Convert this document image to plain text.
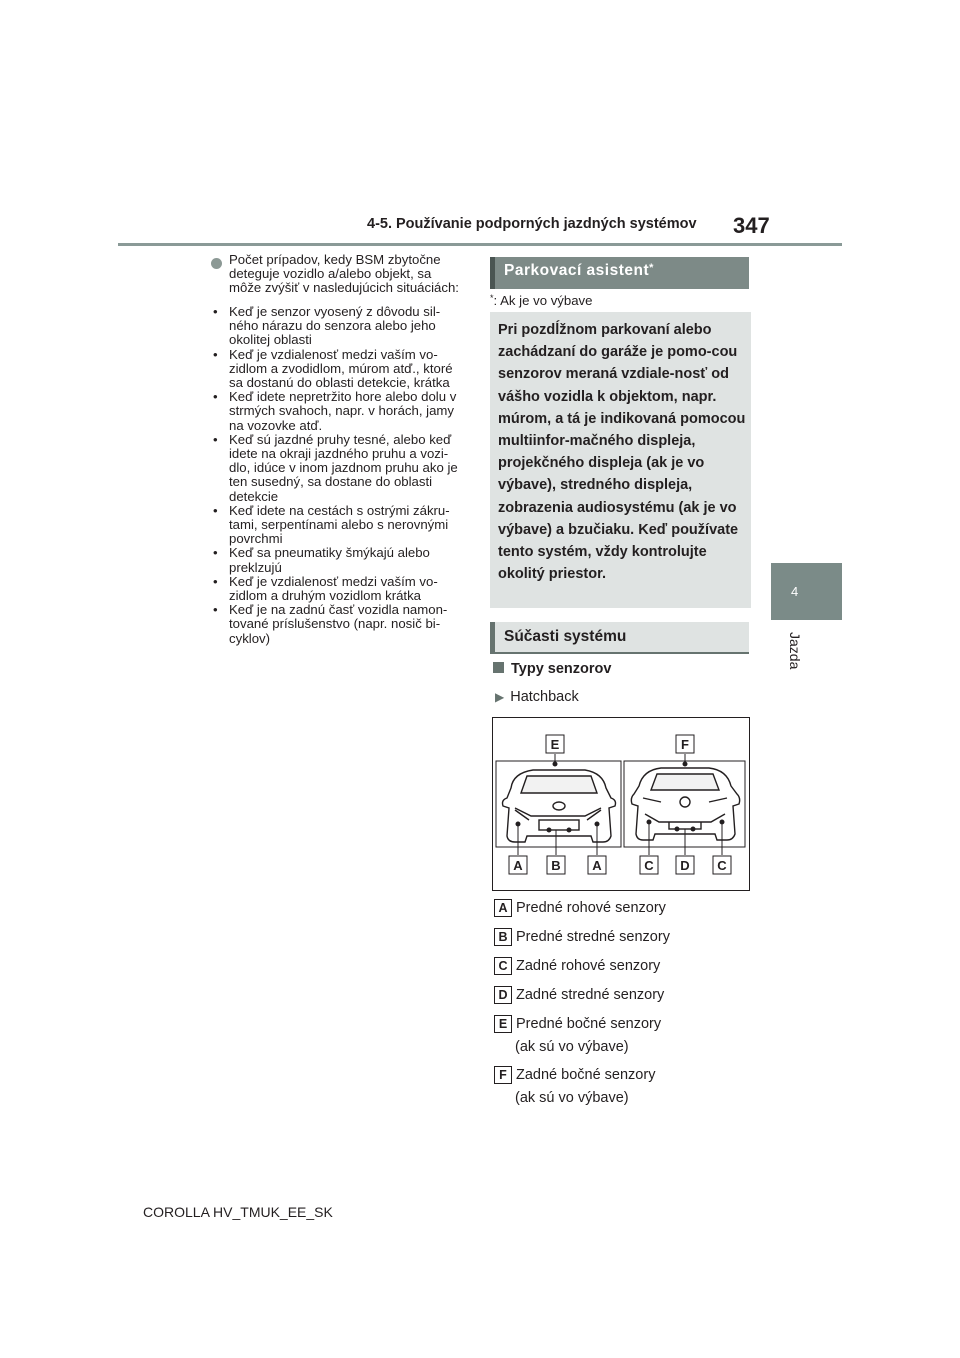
4-5. Používanie podporných jazdných systémov 347
4
Jazda
Počet prípadov, kedy BSM zbytočne deteguje vozidlo a/alebo objekt, sa môže zvýšiť v nasledujúcich situáciách:
• Keď je senzor vyosený z dôvodu sil-ného nárazu do senzora alebo jeho okolitej oblasti
• Keď je vzdialenosť medzi vaším vo-zidlom a zvodidlom, múrom atď., ktoré sa dostanú do oblasti detekcie, krátka
• Keď idete nepretržito hore alebo dolu v strmých svahoch, napr. v horách, jamy na vozovke atď.
• Keď sú jazdné pruhy tesné, alebo keď idete na okraji jazdného pruhu a vozi-dlo, idúce v inom jazdnom pruhu ako je ten susedný, sa dostane do oblasti detekcie
• Keď idete na cestách s ostrými zákru-tami, serpentínami alebo s nerovnými povrchmi
• Keď sa pneumatiky šmýkajú alebo preklzujú
• Keď je vzdialenosť medzi vaším vo-zidlom a druhým vozidlom krátka
• Keď je na zadnú časť vozidla namon-tované príslušenstvo (napr. nosič bi-cyklov)
Parkovací asistent*
*: Ak je vo výbave
Pri pozdĺžnom parkovaní alebo zachádzaní do garáže je pomo-cou senzorov meraná vzdiale-nosť od vášho vozidla k objektom, napr. múrom, a tá je indikovaná pomocou multiinfor-mačného displeja, projekčného displeja (ak je vo výbave), stredného displeja, zobrazenia audiosystému (ak je vo výbave) a bzučiaku. Keď používate tento systém, vždy kontrolujte okolitý priestor.
Súčasti systému
Typy senzorov
▶ Hatchback
E	F
A B A	C D C
A Predné rohové senzory
B Predné stredné senzory
C Zadné rohové senzory
D Zadné stredné senzory
E Predné bočné senzory
(ak sú vo výbave)
F Zadné bočné senzory
(ak sú vo výbave)
COROLLA HV_TMUK_EE_SK
